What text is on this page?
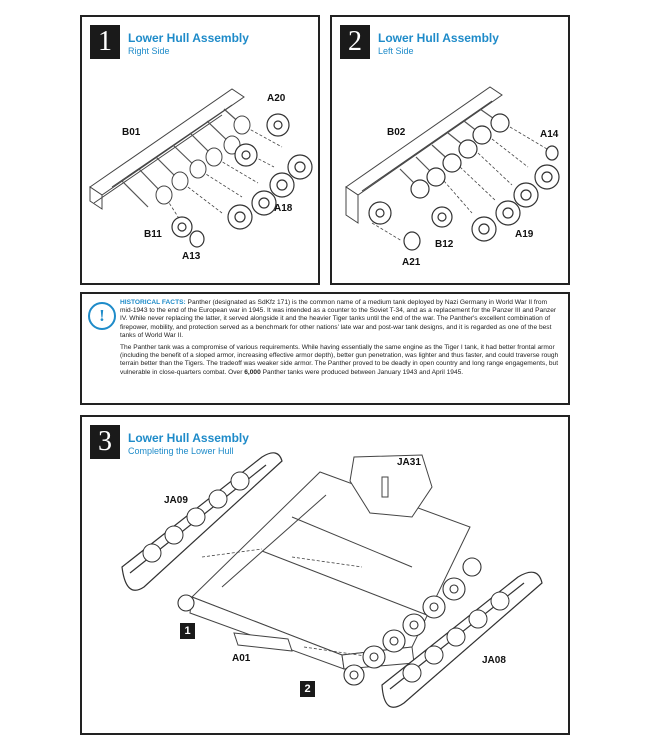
1	Lower Hull Assembly
Right Side
B01
A20
A18
B11
A13
2	Lower Hull Assembly
Left Side
B02	A14
B12
A19
A21
!

HISTORICAL FACTS: Panther (designated as SdKfz 171) is the common name of a medium tank deployed by Nazi Germany in World War II from mid-1943 to the end of the European war in 1945. It was intended as a counter to the Soviet T-34, and as a replacement for the Panzer III and Panzer IV. While never replacing the latter, it served alongside it and the heavier Tiger tanks until the end of the war. The Panther's excellent combination of firepower, mobility, and protection served as a benchmark for other nations' late war and post-war tank designs, and it is regarded as one of the best tanks of World War II.

The Panther tank was a compromise of various requirements. While having essentially the same engine as the Tiger I tank, it had better frontal armor (including the benefit of a sloped armor, increasing effective armor depth), better gun penetration, was lighter and thus faster, and could traverse rough terrain better than the Tigers. The tradeoff was weaker side armor. The Panther proved to be deadly in open country and long range engagements, but vulnerable in close-quarters combat. Over 6,000 Panther tanks were produced between January 1943 and April 1945.

3	Lower Hull Assembly
Completing the Lower Hull
JA09
JA31
A01	JA08
1
2
